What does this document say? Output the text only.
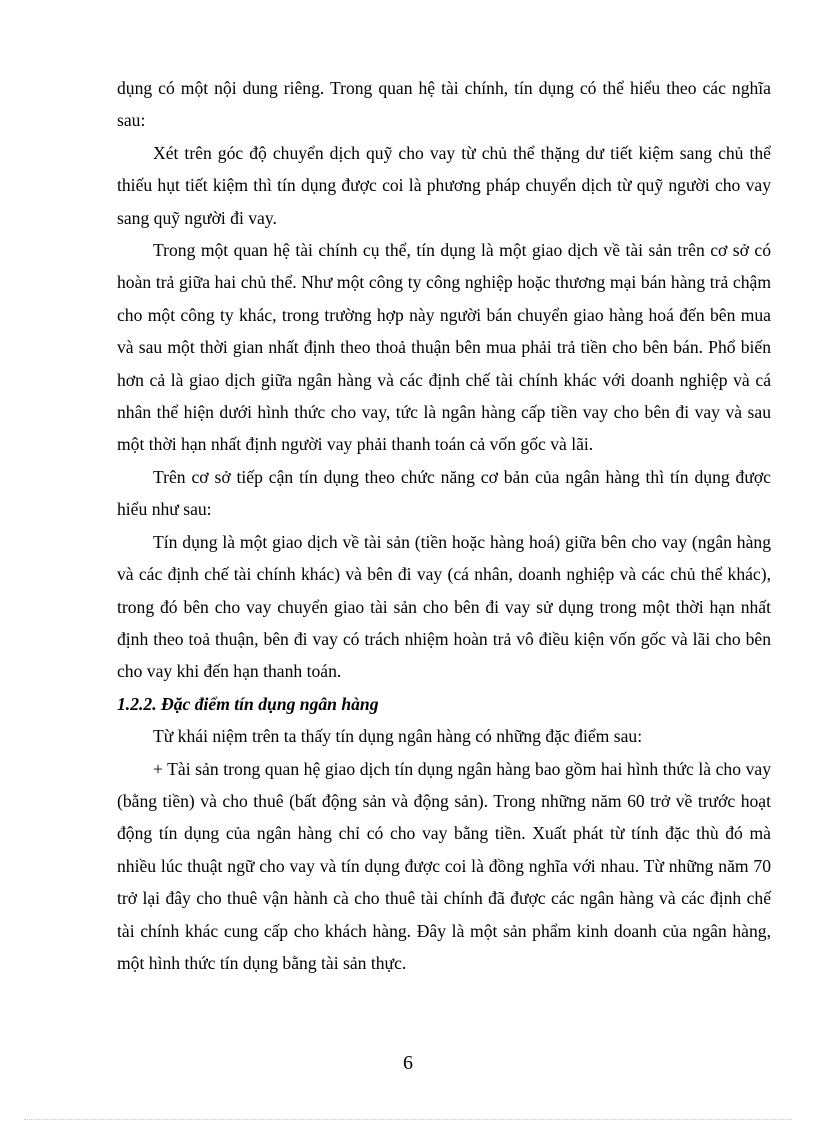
dụng có một nội dung riêng. Trong quan hệ tài chính, tín dụng có thể hiểu theo các nghĩa sau:

Xét trên góc độ chuyển dịch quỹ cho vay từ chủ thể thặng dư tiết kiệm sang chủ thể thiếu hụt tiết kiệm thì tín dụng được coi là phương pháp chuyển dịch từ quỹ người cho vay sang quỹ người đi vay.

Trong một quan hệ tài chính cụ thể, tín dụng là một giao dịch về tài sản trên cơ sở có hoàn trả giữa hai chủ thể. Như một công ty công nghiệp hoặc thương mại bán hàng trả chậm cho một công ty khác, trong trường hợp này người bán chuyển giao hàng hoá đến bên mua và sau một thời gian nhất định theo thoả thuận bên mua phải trả tiền cho bên bán. Phổ biến hơn cả là giao dịch giữa ngân hàng và các định chế tài chính khác với doanh nghiệp và cá nhân thể hiện dưới hình thức cho vay, tức là ngân hàng cấp tiền vay cho bên đi vay và sau một thời hạn nhất định người vay phải thanh toán cả vốn gốc và lãi.

Trên cơ sở tiếp cận tín dụng theo chức năng cơ bản của ngân hàng thì tín dụng được hiểu như sau:

Tín dụng là một giao dịch về tài sản (tiền hoặc hàng hoá) giữa bên cho vay (ngân hàng và các định chế tài chính khác) và bên đi vay (cá nhân, doanh nghiệp và các chủ thể khác), trong đó bên cho vay chuyển giao tài sản cho bên đi vay sử dụng trong một thời hạn nhất định theo toả thuận, bên đi vay có trách nhiệm hoàn trả vô điều kiện vốn gốc và lãi cho bên cho vay khi đến hạn thanh toán.

1.2.2. Đặc điểm tín dụng ngân hàng

Từ khái niệm trên ta thấy tín dụng ngân hàng có những đặc điểm sau:

+ Tài sản trong quan hệ giao dịch tín dụng ngân hàng bao gồm hai hình thức là cho vay (bằng tiền) và cho thuê (bất động sản và động sản). Trong những năm 60 trở về trước hoạt động tín dụng của ngân hàng chỉ có cho vay bằng tiền. Xuất phát từ tính đặc thù đó mà nhiều lúc thuật ngữ cho vay và tín dụng được coi là đồng nghĩa với nhau. Từ những năm 70 trở lại đây cho thuê vận hành cà cho thuê tài chính đã được các ngân hàng và các định chế tài chính khác cung cấp cho khách hàng. Đây là một sản phẩm kinh doanh của ngân hàng, một hình thức tín dụng bằng tài sản thực.

6
